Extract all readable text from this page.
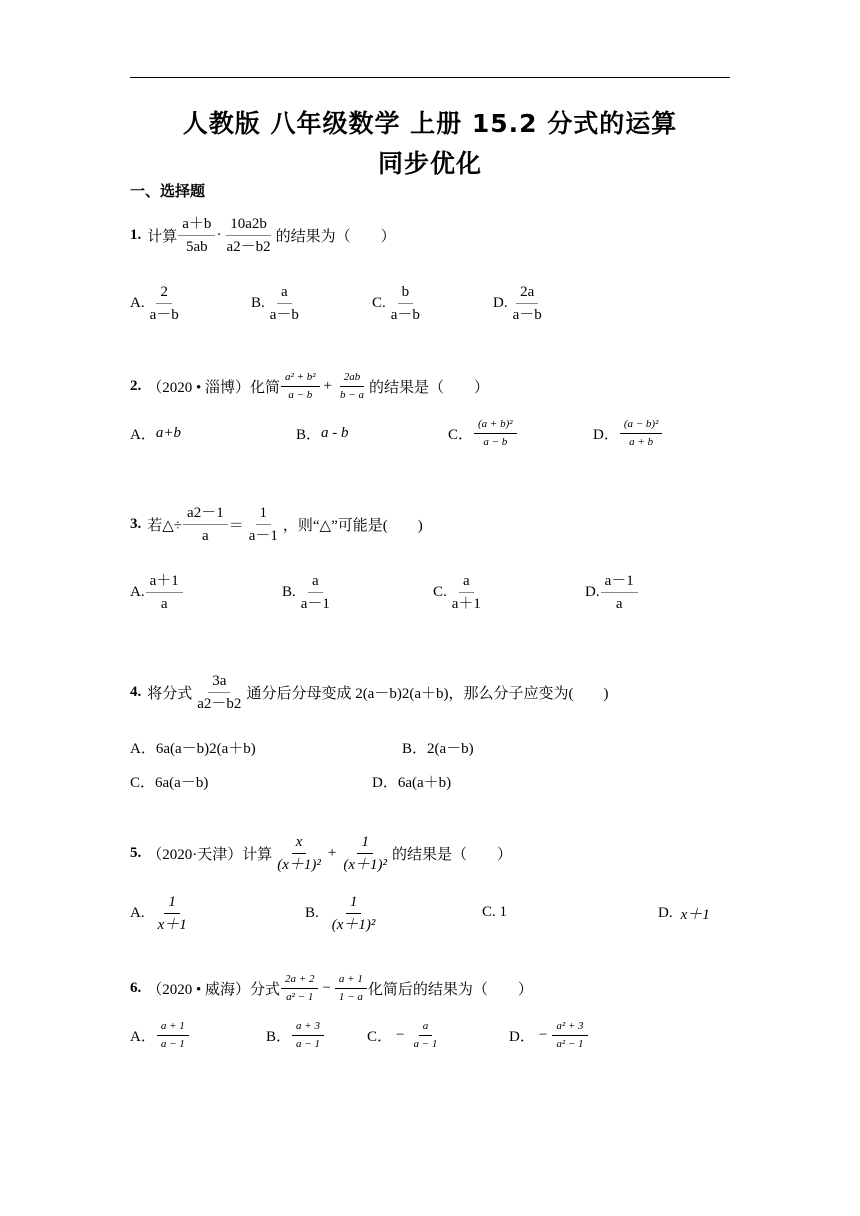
人教版 八年级数学 上册 15.2 分式的运算
同步优化
一、选择题
1. 计算 $\frac{a+b}{5ab} \cdot \frac{10a2b}{a2-b2}$ 的结果为（　　）
A. $\frac{2}{a-b}$	B. $\frac{a}{a-b}$	C. $\frac{b}{a-b}$	D. $\frac{2a}{a-b}$
2. （2020 • 淄博）化简 $\frac{\text{a² + b²}}{a - b} + \frac{2ab}{b - a}$ 的结果是（　　）
A． a+b	B． a - b	C． $\frac{\text{(a + b)²}}{a - b}$	D． $\frac{\text{(a − b)²}}{a + b}$
3. 若△÷ $\frac{a2-1}{a} = \frac{1}{a-1}$ ，则“△”可能是(　　)
A. $\frac{a+1}{a}$	B. $\frac{a}{a-1}$	C. $\frac{a}{a+1}$	D. $\frac{a-1}{a}$
4. 将分式 $\frac{3a}{a2-b2}$ 通分后分母变成 2(a－b)2(a＋b)，那么分子应变为(　　)
A．6a(a－b)2(a＋b)	B．2(a－b)
C．6a(a－b)	D．6a(a＋b)
5. （2020·天津）计算 $\frac{x}{\text{(x＋1)²}} + \frac{1}{\text{(x＋1)²}}$ 的结果是（　　）
A. $\frac{1}{x+1}$	B. $\frac{1}{\text{(x＋1)²}}$	C. 1	D. x＋1
6. （2020 • 威海）分式 $\frac{2a + 2}{\text{a² − 1}} - \frac{a + 1}{1 - a}$ 化简后的结果为（　　）
A． $\frac{a + 1}{a - 1}$	B． $\frac{a + 3}{a - 1}$	C． − $\frac{a}{a - 1}$	D． − $\frac{\text{a² + 3}}{\text{a² − 1}}$
